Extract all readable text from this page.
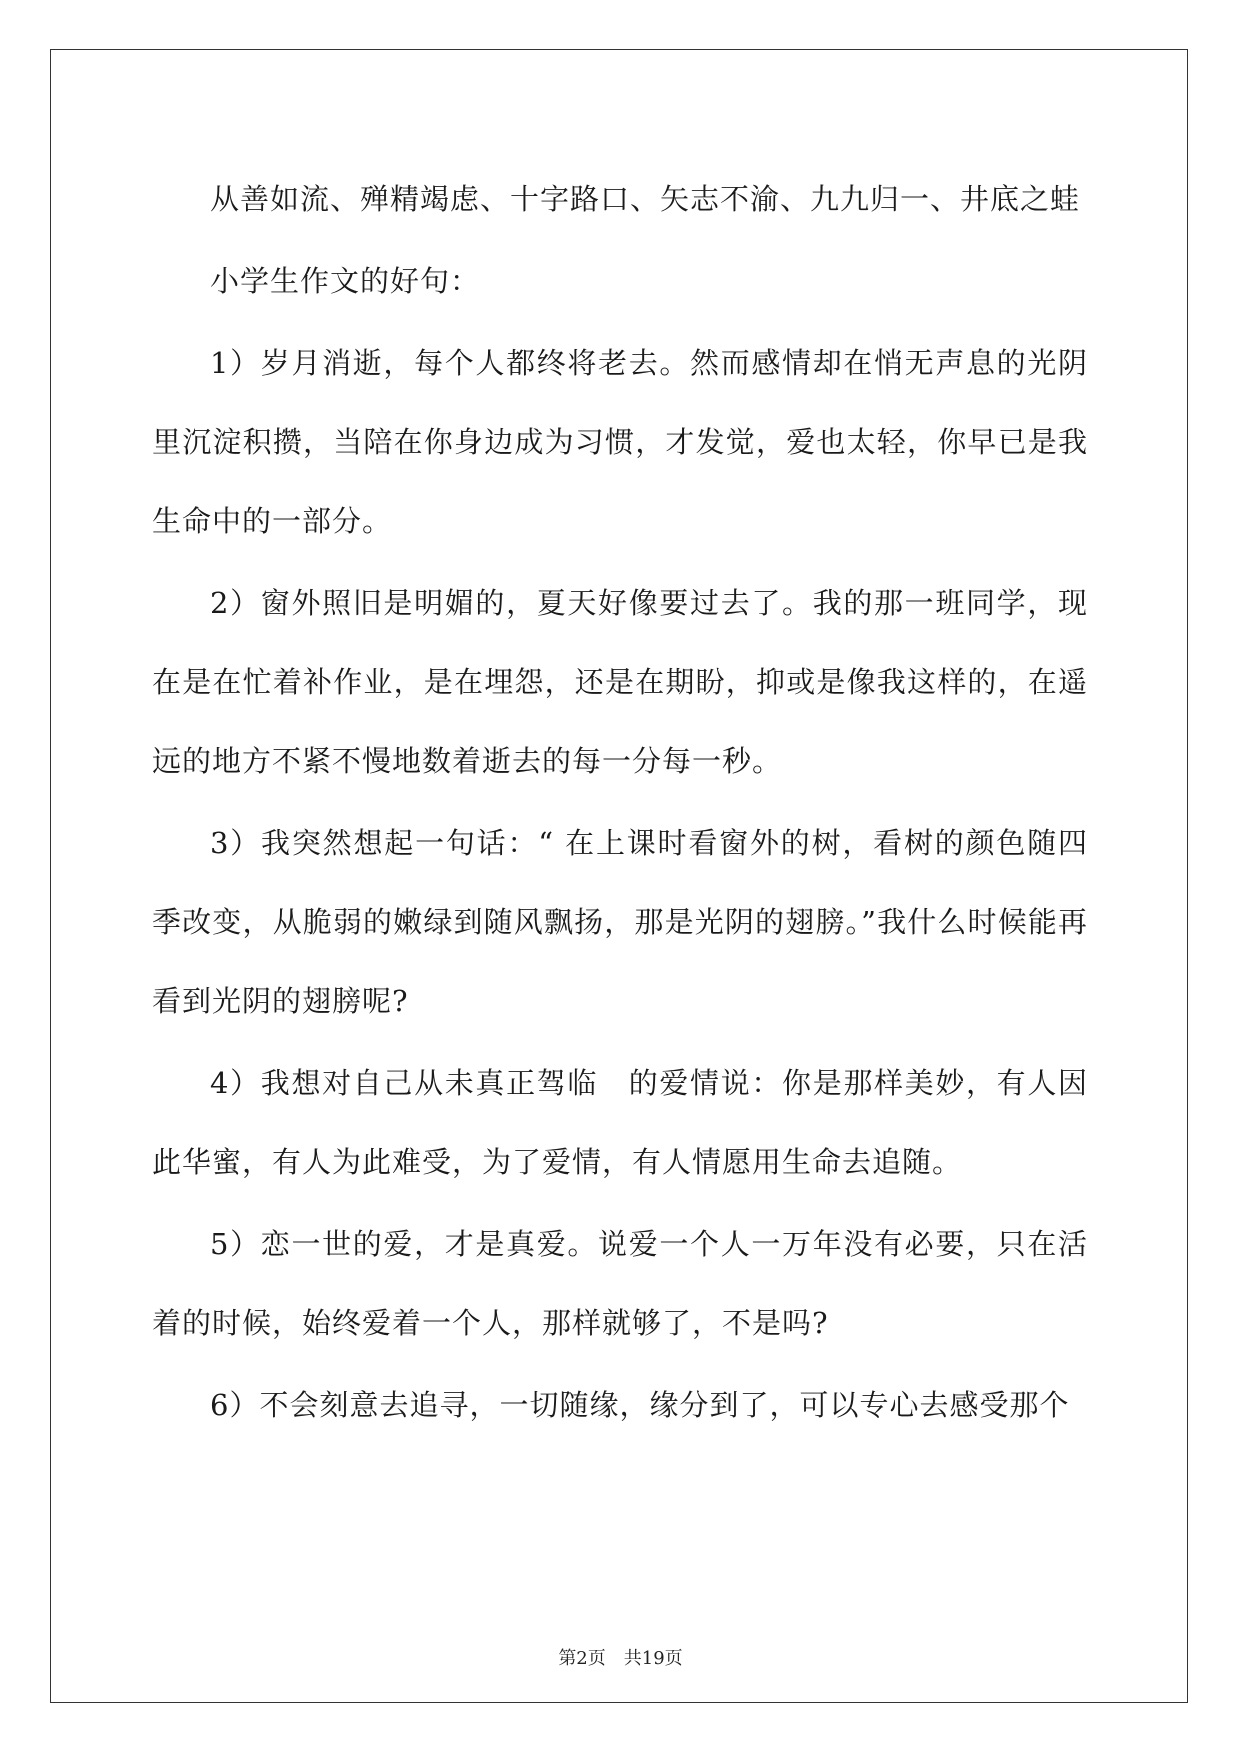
从善如流、殚精竭虑、十字路口、矢志不渝、九九归一、井底之蛙

小学生作文的好句：

1）岁月消逝，每个人都终将老去。然而感情却在悄无声息的光阴里沉淀积攒，当陪在你身边成为习惯，才发觉，爱也太轻，你早已是我生命中的一部分。

2）窗外照旧是明媚的，夏天好像要过去了。我的那一班同学，现在是在忙着补作业，是在埋怨，还是在期盼，抑或是像我这样的，在遥远的地方不紧不慢地数着逝去的每一分每一秒。

3）我突然想起一句话：“ 在上课时看窗外的树，看树的颜色随四季改变，从脆弱的嫩绿到随风飘扬，那是光阴的翅膀。”我什么时候能再看到光阴的翅膀呢?

4）我想对自己从未真正驾临　的爱情说：你是那样美妙，有人因此华蜜，有人为此难受，为了爱情，有人情愿用生命去追随。

5）恋一世的爱，才是真爱。说爱一个人一万年没有必要，只在活着的时候，始终爱着一个人，那样就够了，不是吗?

6）不会刻意去追寻，一切随缘，缘分到了，可以专心去感受那个

第2页　共19页
